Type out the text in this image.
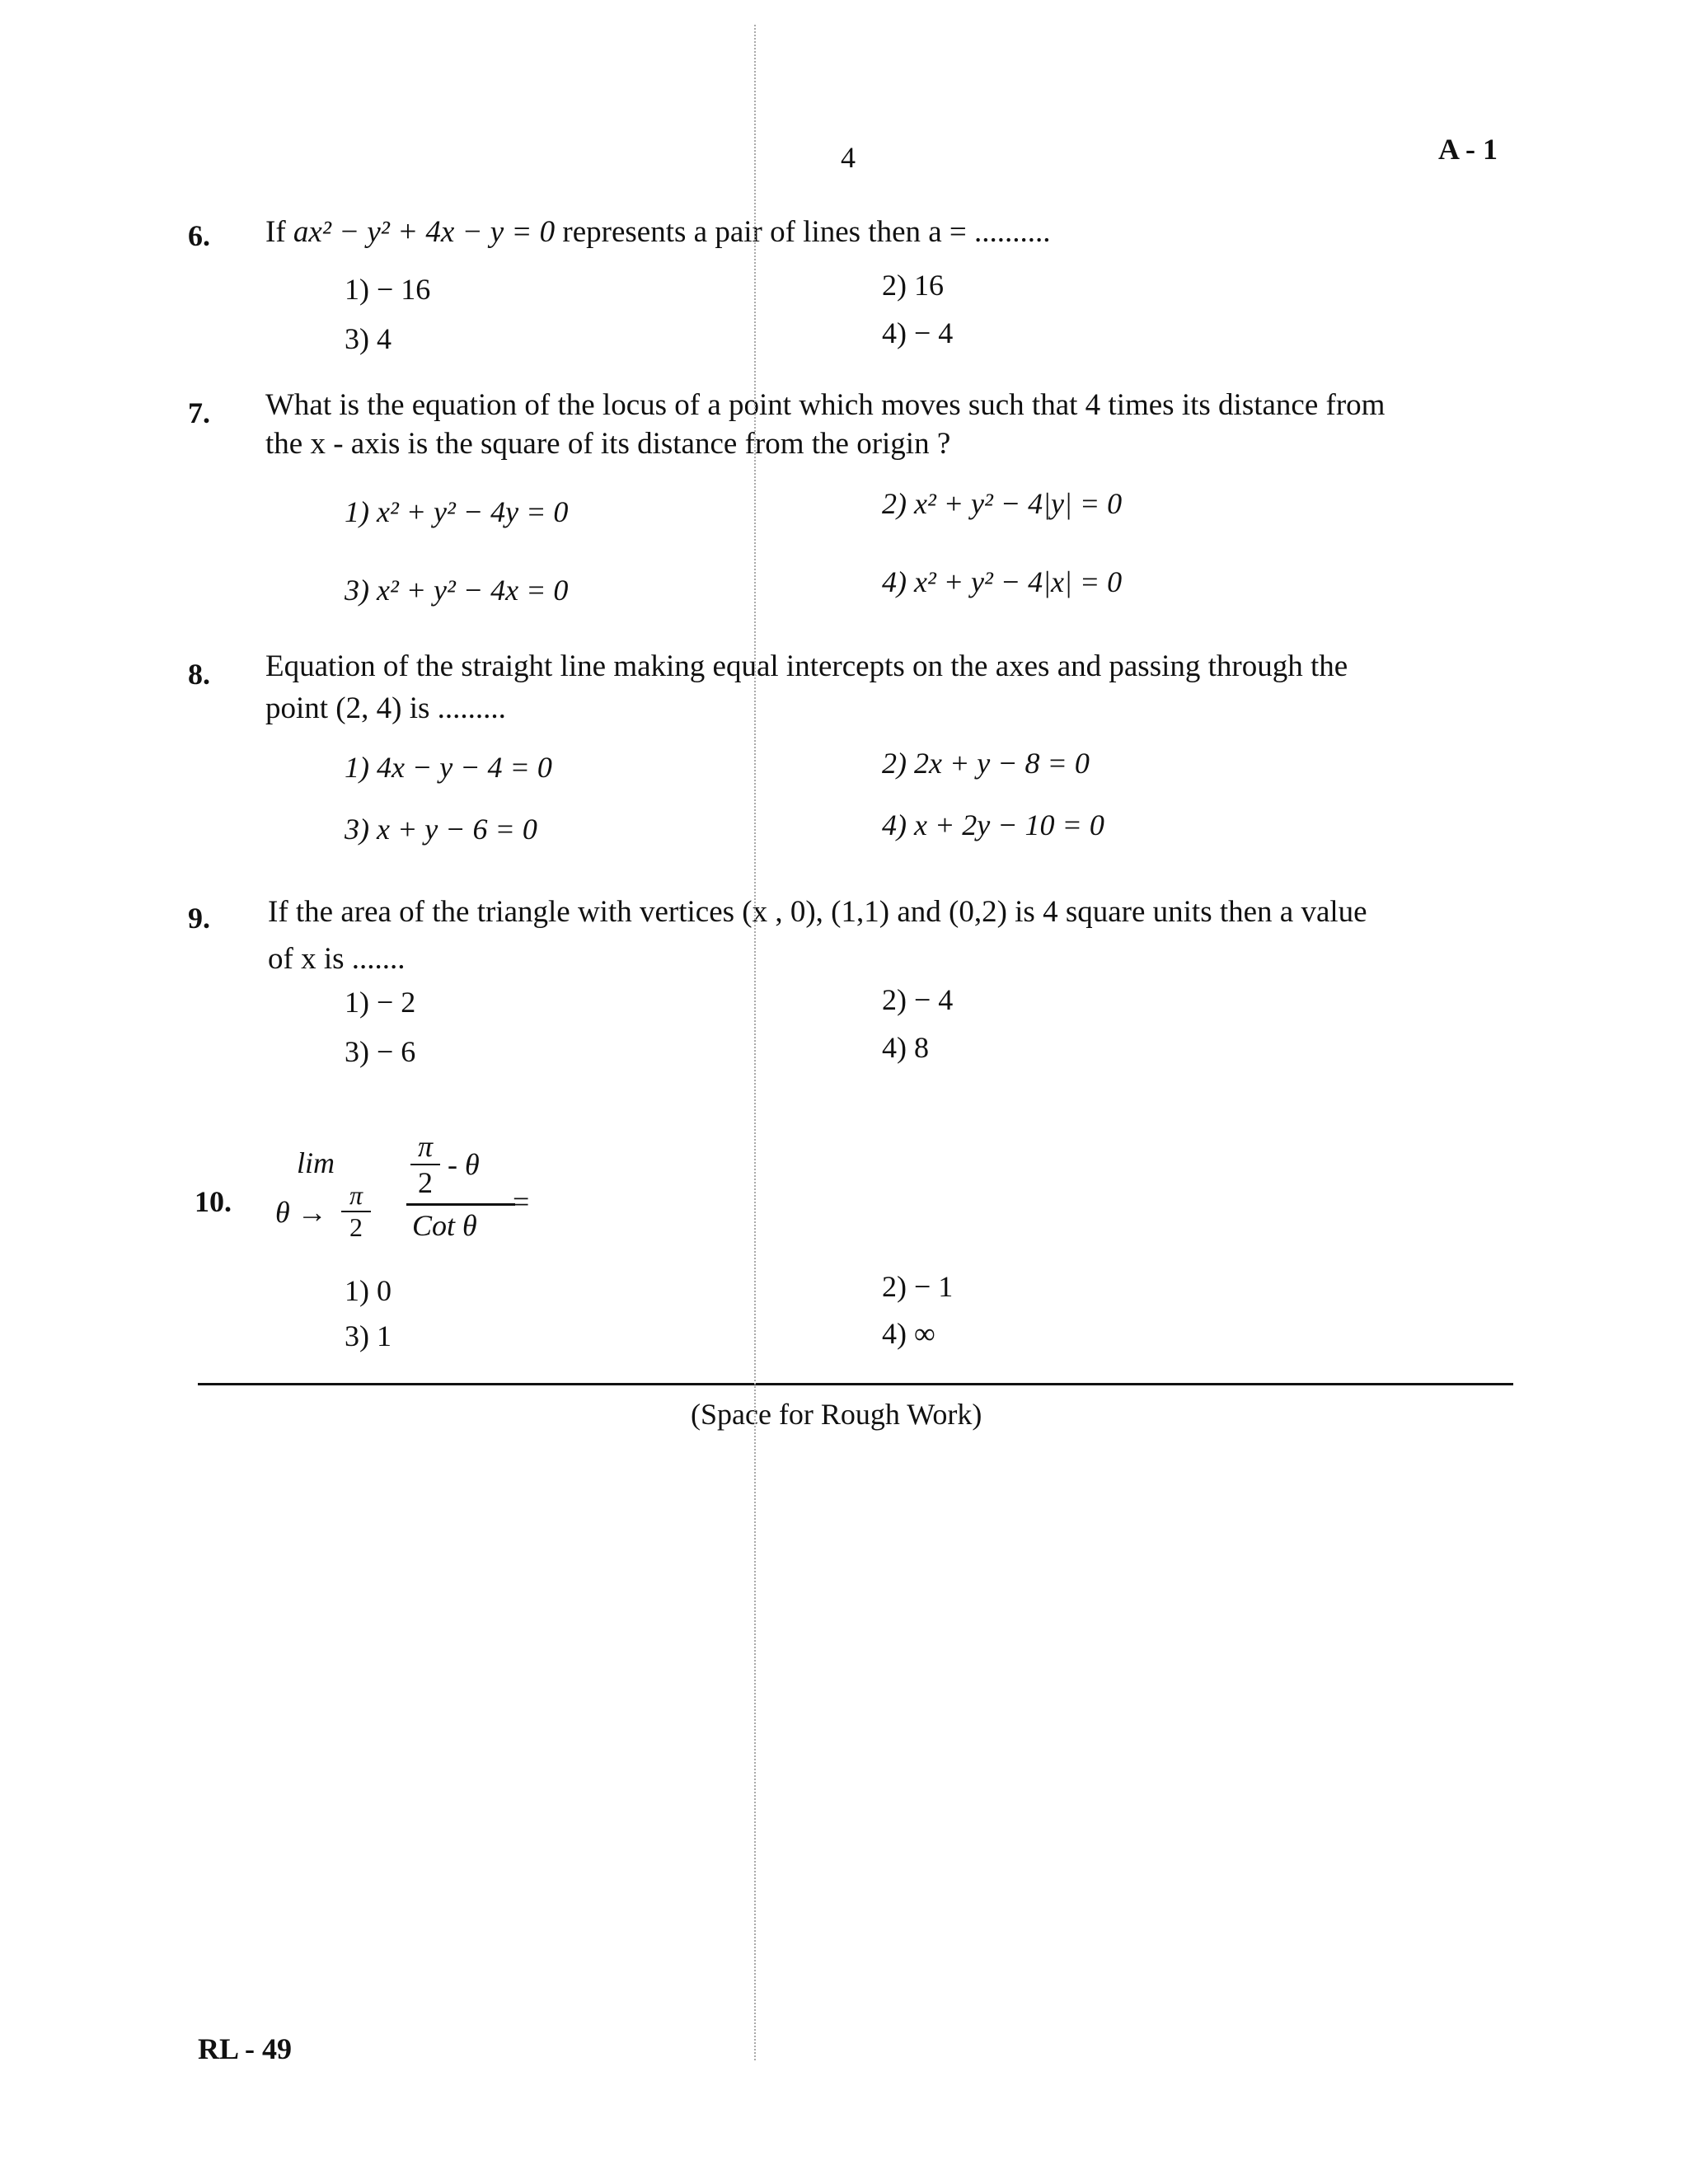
4	A - 1
6. If ax² − y² + 4x − y = 0 represents a pair of lines then a = ..........
1) − 16	2) 16
3) 4	4) − 4
7. What is the equation of the locus of a point which moves such that 4 times its distance from
the x - axis is the square of its distance from the origin ?
1) x² + y² − 4y = 0	2) x² + y² − 4|y| = 0
3) x² + y² − 4x = 0	4) x² + y² − 4|x| = 0
8. Equation of the straight line making equal intercepts on the axes and passing through the
point (2, 4) is .........
1) 4x − y − 4 = 0	2) 2x + y − 8 = 0
3) x + y − 6 = 0	4) x + 2y − 10 = 0
9. If the area of the triangle with vertices (x , 0), (1,1) and (0,2) is 4 square units then a value
of x is .......
1) − 2	2) − 4
3) − 6	4) 8
10.
lim
θ →
π
2
$\frac{\pi}{2}$ - θ
Cot θ
=
1) 0	2) − 1
3) 1	4) ∞
(Space for Rough Work)
RL - 49
